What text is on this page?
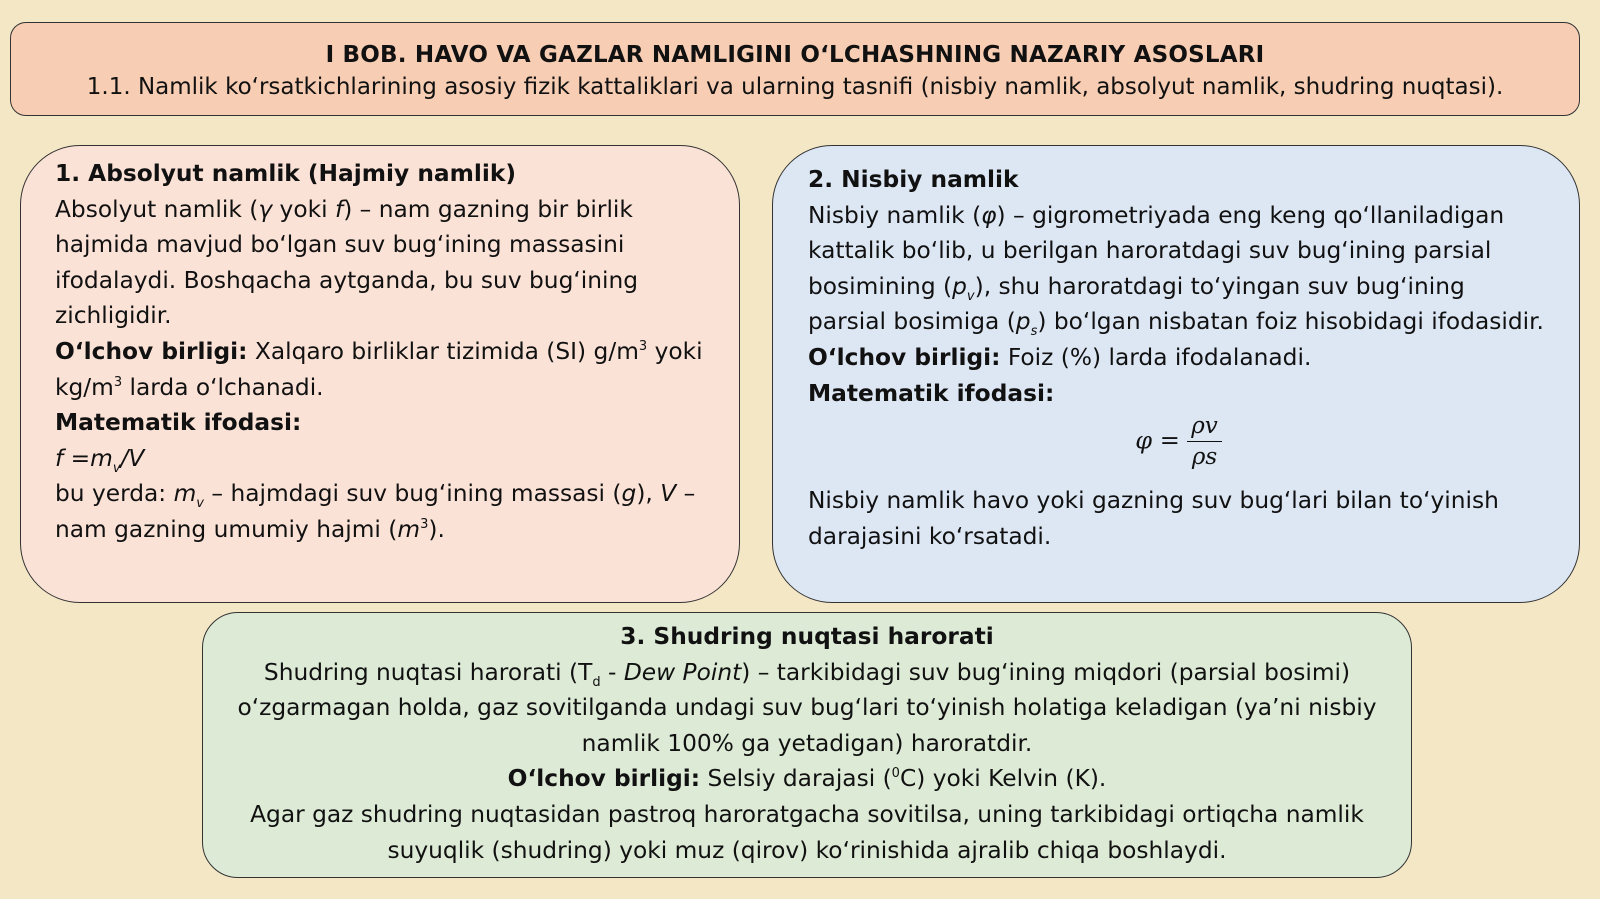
I BOB. HAVO VA GAZLAR NAMLIGINI O‘LCHASHNING NAZARIY ASOSLARI
1.1. Namlik ko‘rsatkichlarining asosiy fizik kattaliklari va ularning tasnifi (nisbiy namlik, absolyut namlik, shudring nuqtasi).
1. Absolyut namlik (Hajmiy namlik)
Absolyut namlik (γ yoki f) – nam gazning bir birlik hajmida mavjud bo‘lgan suv bug‘ining massasini ifodalaydi. Boshqacha aytganda, bu suv bug‘ining zichligidir.
O‘lchov birligi: Xalqaro birliklar tizimida (SI) $g/m^3$ yoki $kg/m^3$ larda o‘lchanadi.
Matematik ifodasi:
$f =m_v/V$
bu yerda: $m_v$ – hajmdagi suv bug‘ining massasi (g), V – nam gazning umumiy hajmi $(m^3)$.
2. Nisbiy namlik
Nisbiy namlik (φ) – gigrometriyada eng keng qo‘llaniladigan kattalik bo‘lib, u berilgan haroratdagi suv bug‘ining parsial bosimining $(p_v)$, shu haroratdagi to‘yingan suv bug‘ining parsial bosimiga $(p_s)$ bo‘lgan nisbatan foiz hisobidagi ifodasidir.
O‘lchov birligi: Foiz (%) larda ifodalanadi.
Matematik ifodasi:
$\varphi = \frac{\rho v}{\rho s}$
Nisbiy namlik havo yoki gazning suv bug‘lari bilan to‘yinish darajasini ko‘rsatadi.
3. Shudring nuqtasi harorati
Shudring nuqtasi harorati ($T_d$ - Dew Point) – tarkibidagi suv bug‘ining miqdori (parsial bosimi) o‘zgarmagan holda, gaz sovitilganda undagi suv bug‘lari to‘yinish holatiga keladigan (ya’ni nisbiy namlik 100% ga yetadigan) haroratdir.
O‘lchov birligi: Selsiy darajasi ($^0$C) yoki Kelvin (K).
Agar gaz shudring nuqtasidan pastroq haroratgacha sovitilsa, uning tarkibidagi ortiqcha namlik suyuqlik (shudring) yoki muz (qirov) ko‘rinishida ajralib chiqa boshlaydi.
